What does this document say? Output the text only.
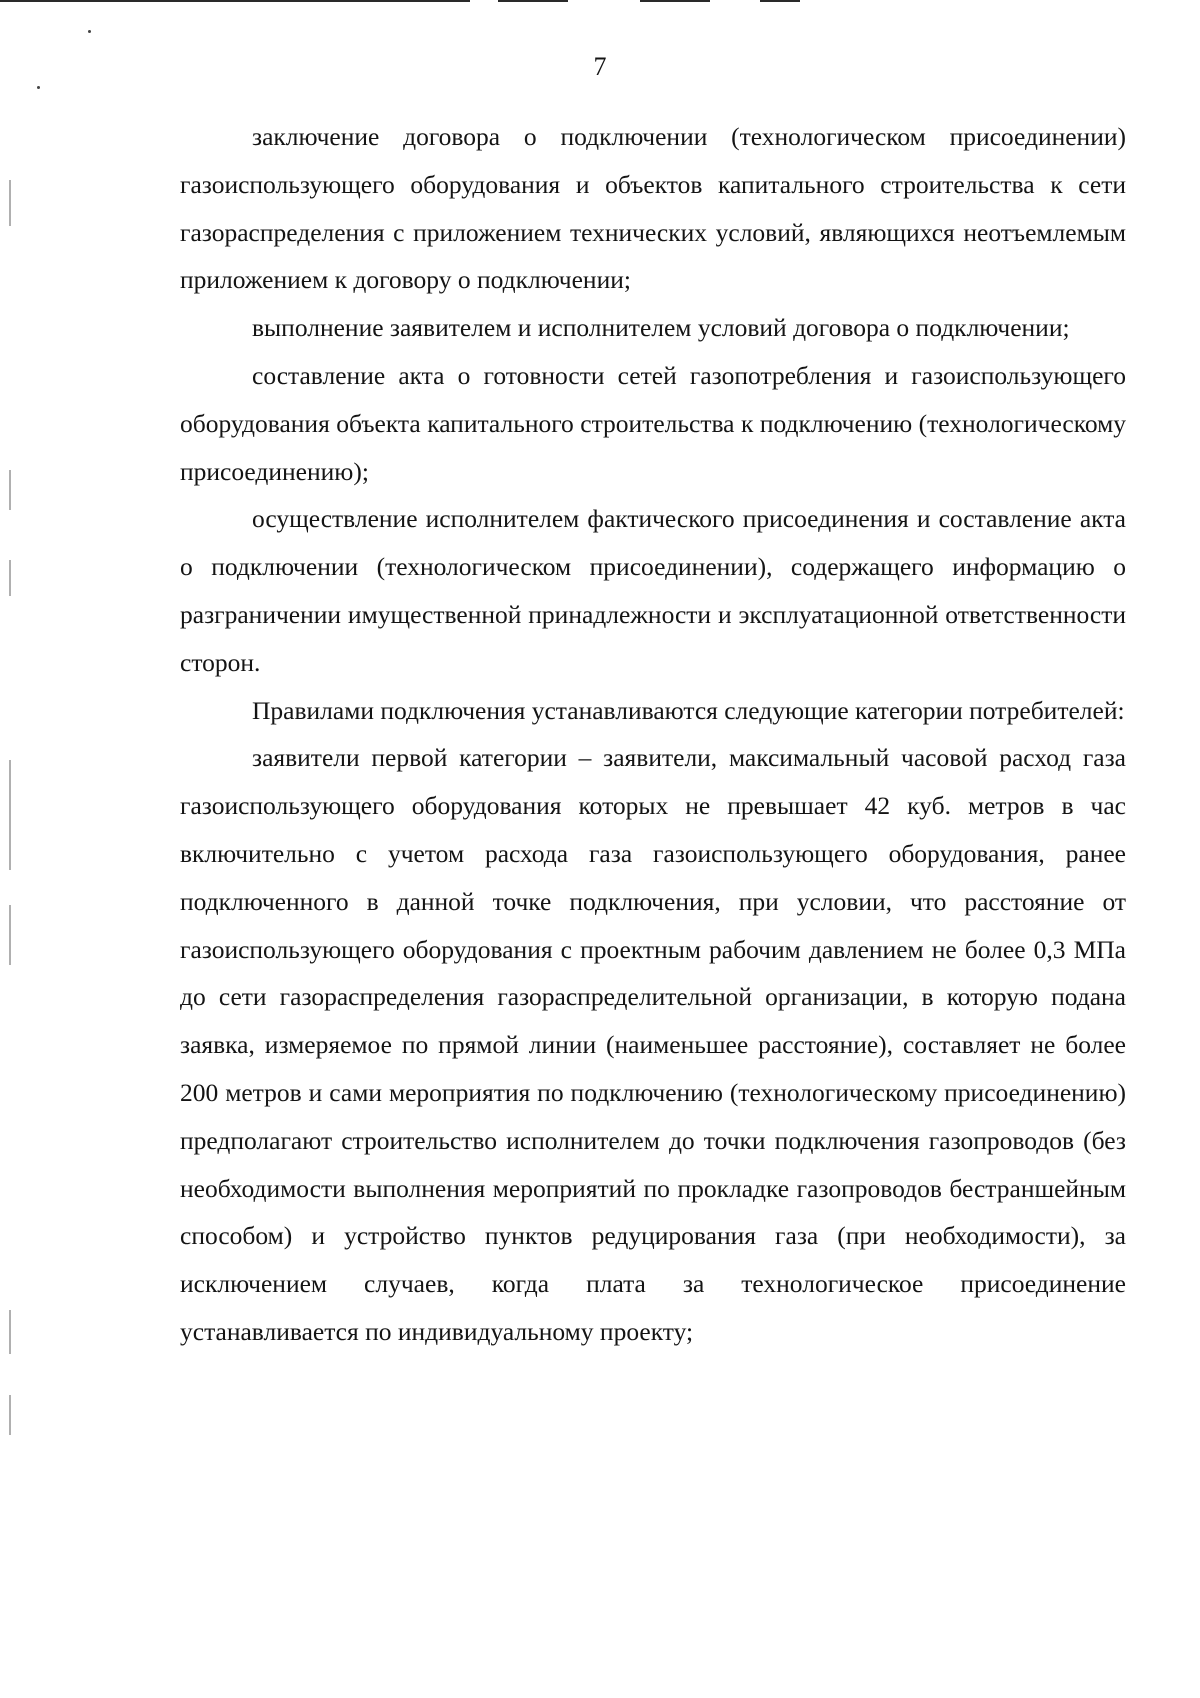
7

заключение договора о подключении (технологическом присоединении) газоиспользующего оборудования и объектов капитального строительства к сети газораспределения с приложением технических условий, являющихся неотъемлемым приложением к договору о подключении;

выполнение заявителем и исполнителем условий договора о подключении;

составление акта о готовности сетей газопотребления и газоиспользующего оборудования объекта капитального строительства к подключению (технологическому присоединению);

осуществление исполнителем фактического присоединения и составление акта о подключении (технологическом присоединении), содержащего информацию о разграничении имущественной принадлежности и эксплуатационной ответственности сторон.

Правилами подключения устанавливаются следующие категории потребителей:

заявители первой категории – заявители, максимальный часовой расход газа газоиспользующего оборудования которых не превышает 42 куб. метров в час включительно с учетом расхода газа газоиспользующего оборудования, ранее подключенного в данной точке подключения, при условии, что расстояние от газоиспользующего оборудования с проектным рабочим давлением не более 0,3 МПа до сети газораспределения газораспределительной организации, в которую подана заявка, измеряемое по прямой линии (наименьшее расстояние), составляет не более 200 метров и сами мероприятия по подключению (технологическому присоединению) предполагают строительство исполнителем до точки подключения газопроводов (без необходимости выполнения мероприятий по прокладке газопроводов бестраншейным способом) и устройство пунктов редуцирования газа (при необходимости), за исключением случаев, когда плата за технологическое присоединение устанавливается по индивидуальному проекту;
